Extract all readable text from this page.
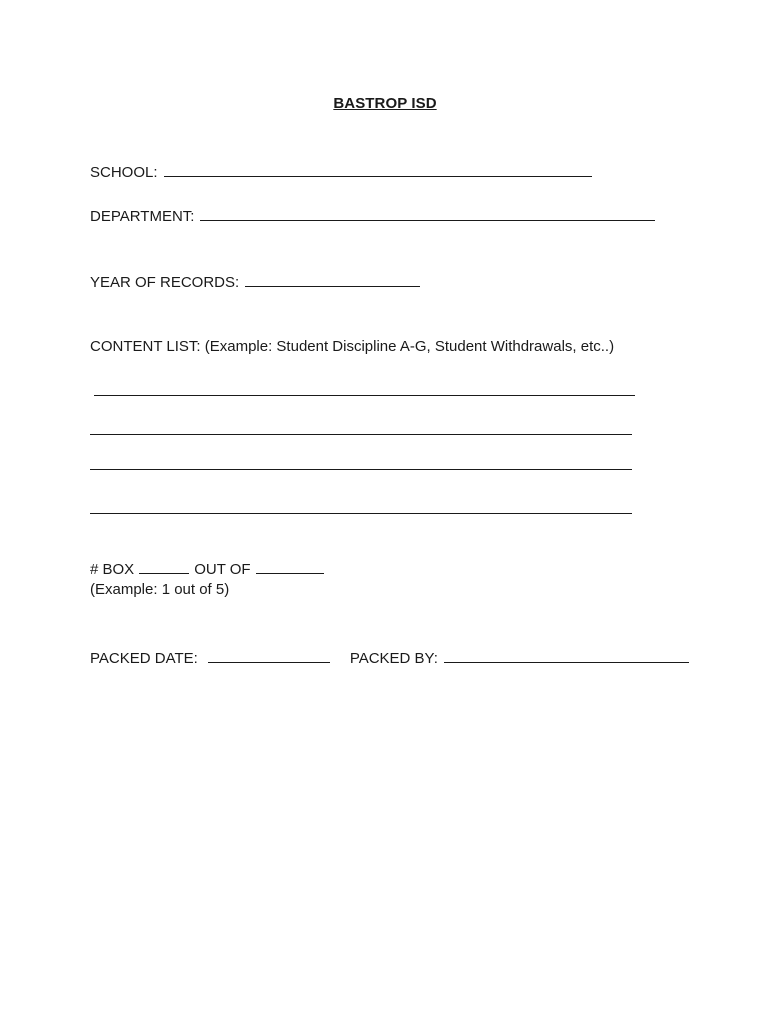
BASTROP ISD
SCHOOL:
DEPARTMENT:
YEAR OF RECORDS:
CONTENT LIST: (Example: Student Discipline A-G, Student Withdrawals, etc..)
# BOX	OUT OF
(Example: 1 out of 5)
PACKED DATE:	PACKED BY:
